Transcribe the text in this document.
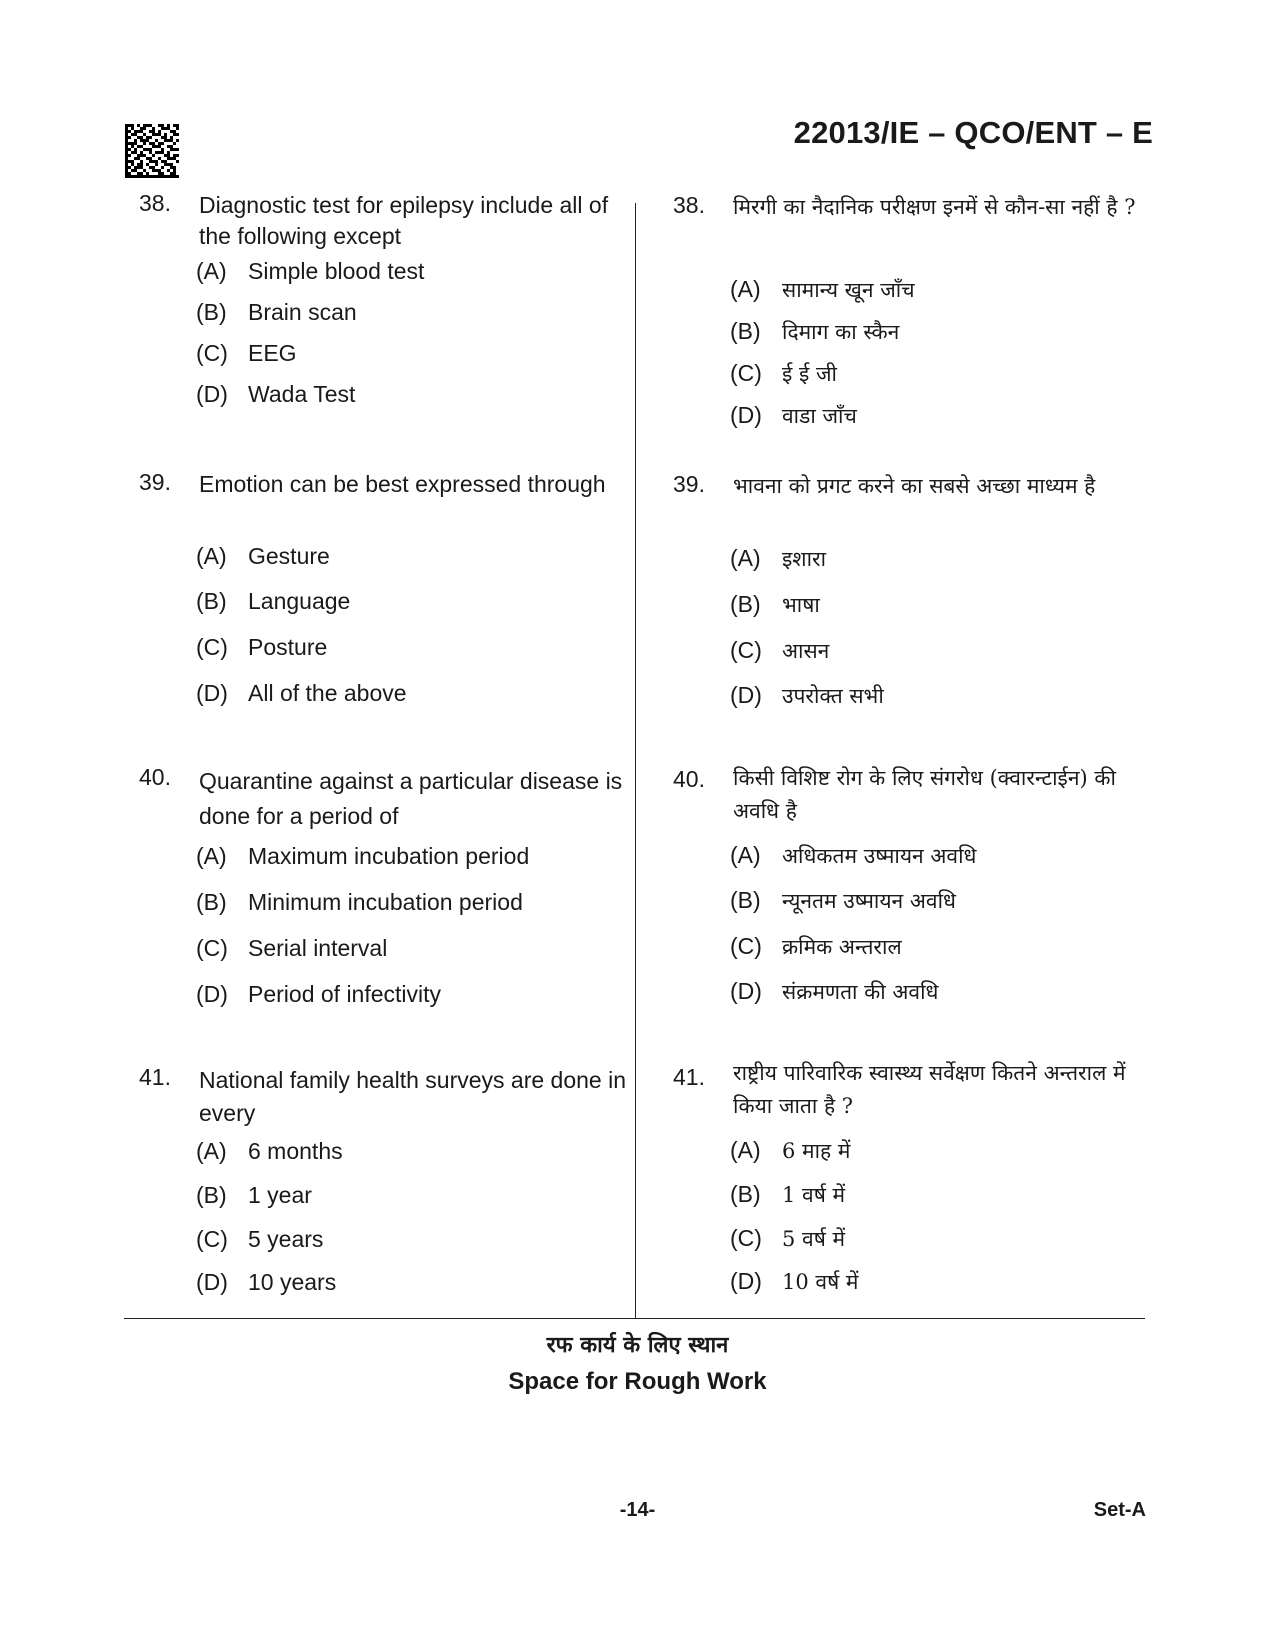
22013/IE – QCO/ENT – E
38. Diagnostic test for epilepsy include all of the following except
(A) Simple blood test
(B) Brain scan
(C) EEG
(D) Wada Test
39. Emotion can be best expressed through
(A) Gesture
(B) Language
(C) Posture
(D) All of the above
40. Quarantine against a particular disease is done for a period of
(A) Maximum incubation period
(B) Minimum incubation period
(C) Serial interval
(D) Period of infectivity
41. National family health surveys are done in every
(A) 6 months
(B) 1 year
(C) 5 years
(D) 10 years
38. मिरगी का नैदानिक परीक्षण इनमें से कौन-सा नहीं है ?
(A) सामान्य खून जाँच
(B) दिमाग का स्कैन
(C) ई ई जी
(D) वाडा जाँच
39. भावना को प्रगट करने का सबसे अच्छा माध्यम है
(A) इशारा
(B) भाषा
(C) आसन
(D) उपरोक्त सभी
40. किसी विशिष्ट रोग के लिए संगरोध (क्वारन्टाईन) की अवधि है
(A) अधिकतम उष्मायन अवधि
(B) न्यूनतम उष्मायन अवधि
(C) क्रमिक अन्तराल
(D) संक्रमणता की अवधि
41. राष्ट्रीय पारिवारिक स्वास्थ्य सर्वेक्षण कितने अन्तराल में किया जाता है ?
(A) 6 माह में
(B) 1 वर्ष में
(C) 5 वर्ष में
(D) 10 वर्ष में
रफ कार्य के लिए स्थान
Space for Rough Work
-14-	Set-A
